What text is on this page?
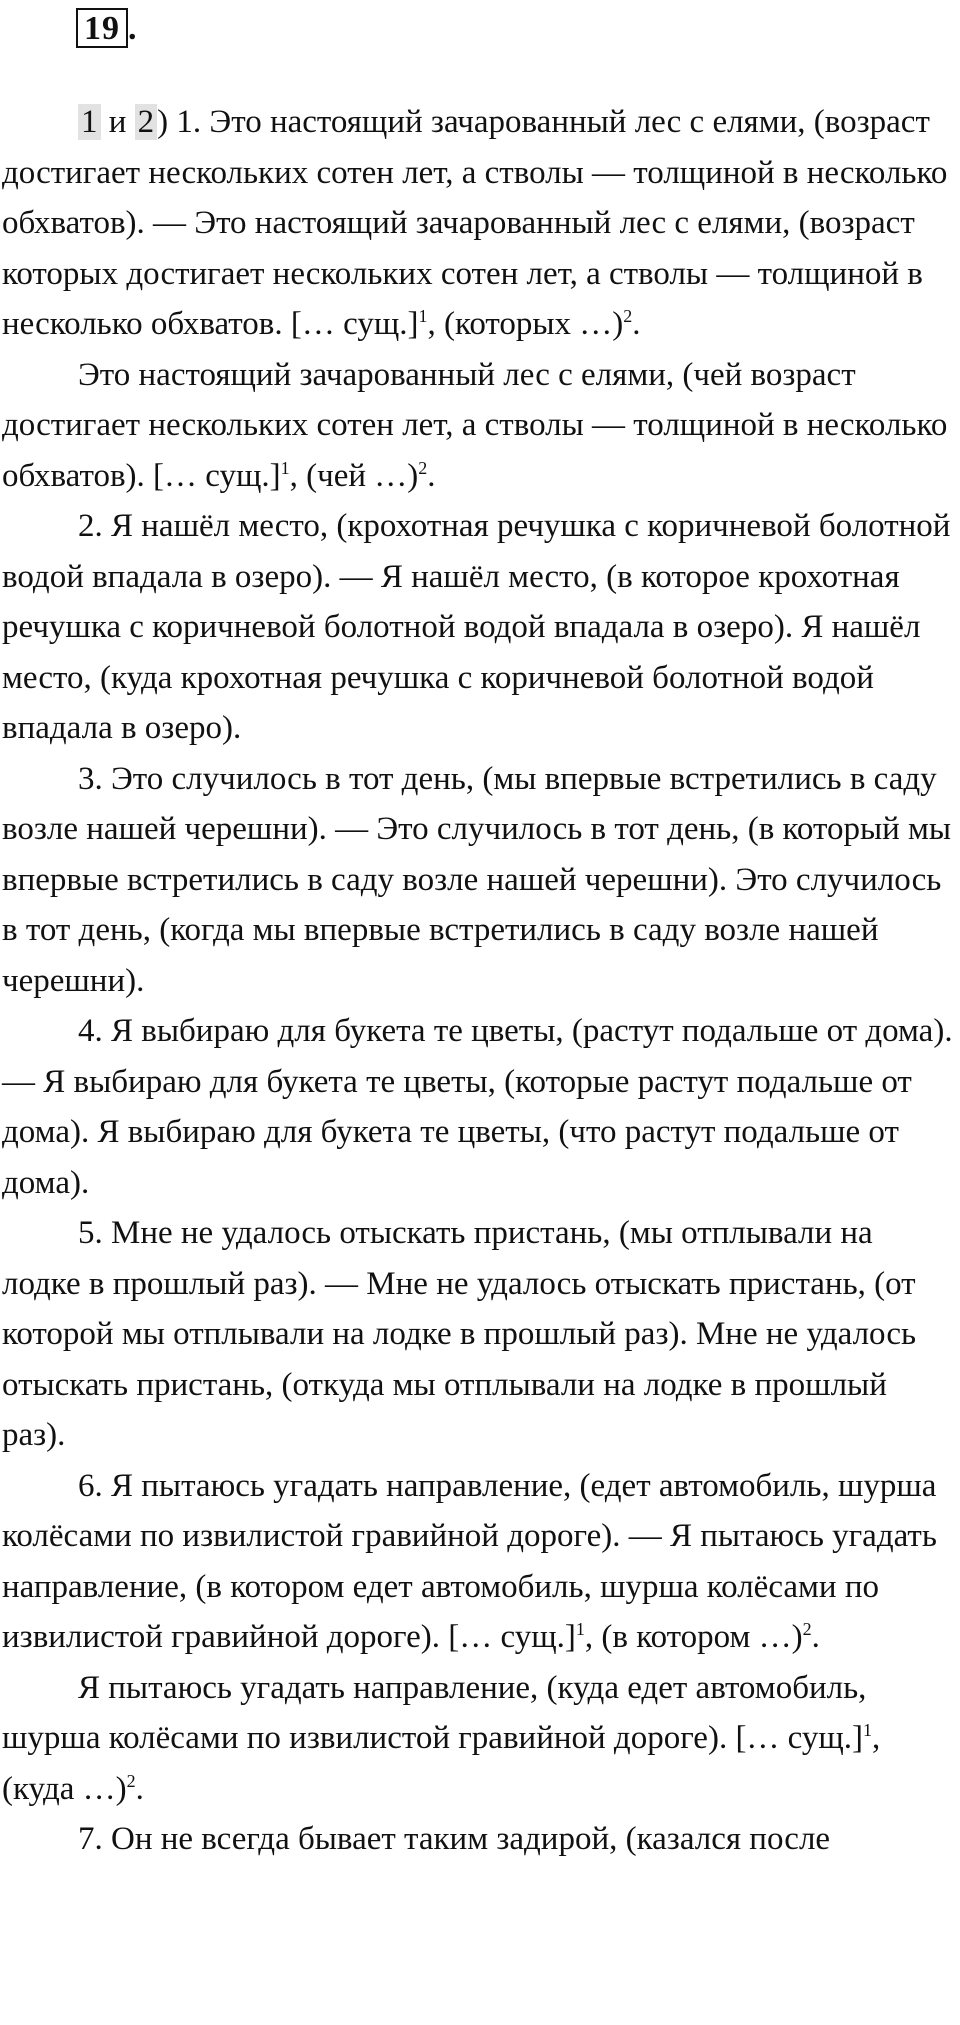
19 .

1 и 2) 1. Это настоящий зачарованный лес с елями, (возраст достигает нескольких сотен лет, а стволы — толщиной в несколько обхватов). — Это настоящий зачарованный лес с елями, (возраст которых достигает нескольких сотен лет, а стволы — толщиной в несколько обхватов. [… сущ.]$^1$, (которых …)$^2$.

Это настоящий зачарованный лес с елями, (чей возраст достигает нескольких сотен лет, а стволы — толщиной в несколько обхватов). [… сущ.]$^1$, (чей …)$^2$.

2. Я нашёл место, (крохотная речушка с коричневой болотной водой впадала в озеро). — Я нашёл место, (в которое крохотная речушка с коричневой болотной водой впадала в озеро). Я нашёл место, (куда крохотная речушка с коричневой болотной водой впадала в озеро).

3. Это случилось в тот день, (мы впервые встретились в саду возле нашей черешни). — Это случилось в тот день, (в который мы впервые встретились в саду возле нашей черешни). Это случилось в тот день, (когда мы впервые встретились в саду возле нашей черешни).

4. Я выбираю для букета те цветы, (растут подальше от дома). — Я выбираю для букета те цветы, (которые растут подальше от дома). Я выбираю для букета те цветы, (что растут подальше от дома).

5. Мне не удалось отыскать пристань, (мы отплывали на лодке в прошлый раз). — Мне не удалось отыскать пристань, (от которой мы отплывали на лодке в прошлый раз). Мне не удалось отыскать пристань, (откуда мы отплывали на лодке в прошлый раз).

6. Я пытаюсь угадать направление, (едет автомобиль, шурша колёсами по извилистой гравийной дороге). — Я пытаюсь угадать направление, (в котором едет автомобиль, шурша колёсами по извилистой гравийной дороге). [… сущ.]$^1$, (в котором …)$^2$.

Я пытаюсь угадать направление, (куда едет автомобиль, шурша колёсами по извилистой гравийной дороге). [… сущ.]$^1$, (куда …)$^2$.

7. Он не всегда бывает таким задирой, (казался после
